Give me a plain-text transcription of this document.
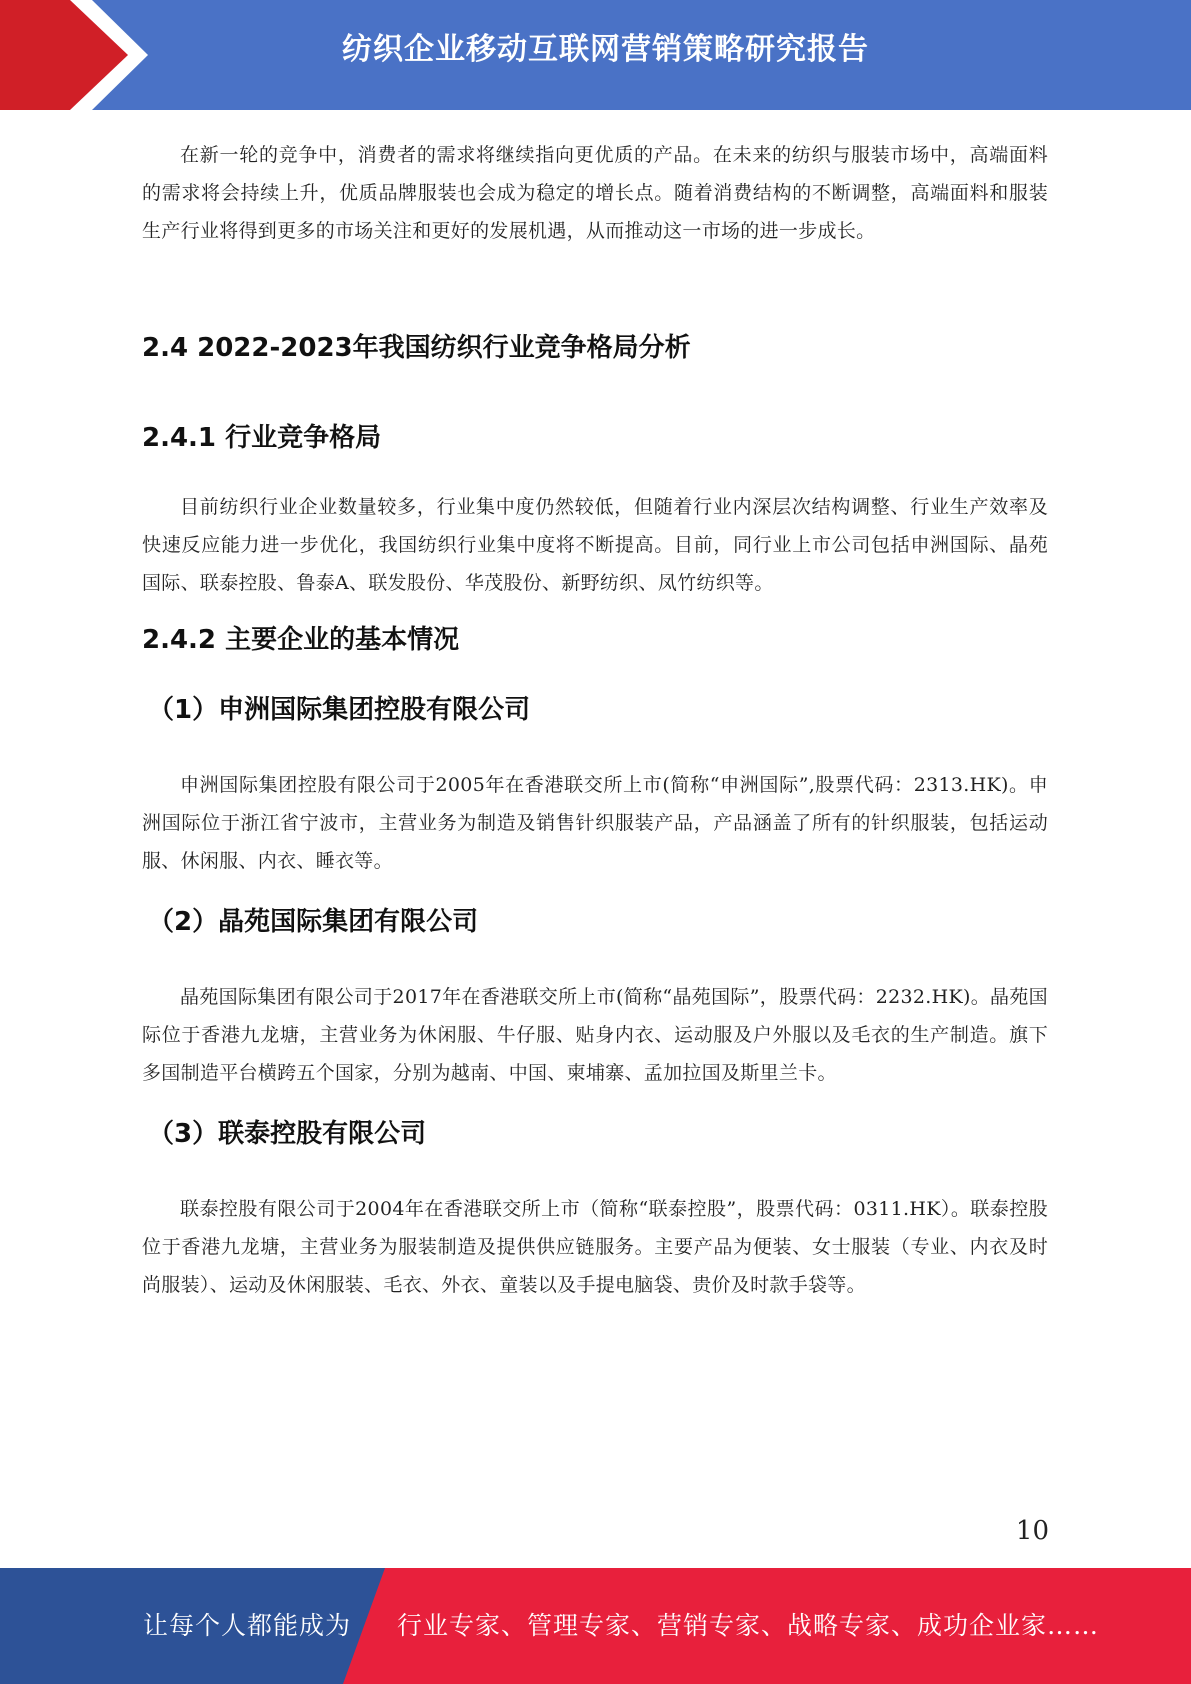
纺织企业移动互联网营销策略研究报告

在新一轮的竞争中，消费者的需求将继续指向更优质的产品。在未来的纺织与服装市场中，高端面料的需求将会持续上升，优质品牌服装也会成为稳定的增长点。随着消费结构的不断调整，高端面料和服装生产行业将得到更多的市场关注和更好的发展机遇，从而推动这一市场的进一步成长。

2.4 2022-2023年我国纺织行业竞争格局分析
2.4.1 行业竞争格局

目前纺织行业企业数量较多，行业集中度仍然较低，但随着行业内深层次结构调整、行业生产效率及快速反应能力进一步优化，我国纺织行业集中度将不断提高。目前，同行业上市公司包括申洲国际、晶苑国际、联泰控股、鲁泰A、联发股份、华茂股份、新野纺织、凤竹纺织等。

2.4.2 主要企业的基本情况
（1）申洲国际集团控股有限公司

申洲国际集团控股有限公司于2005年在香港联交所上市(简称“申洲国际”,股票代码：2313.HK)。申洲国际位于浙江省宁波市，主营业务为制造及销售针织服装产品，产品涵盖了所有的针织服装，包括运动服、休闲服、内衣、睡衣等。

（2）晶苑国际集团有限公司

晶苑国际集团有限公司于2017年在香港联交所上市(简称“晶苑国际”，股票代码：2232.HK)。晶苑国际位于香港九龙塘，主营业务为休闲服、牛仔服、贴身内衣、运动服及户外服以及毛衣的生产制造。旗下多国制造平台横跨五个国家，分别为越南、中国、柬埔寨、孟加拉国及斯里兰卡。

（3）联泰控股有限公司

联泰控股有限公司于2004年在香港联交所上市（简称“联泰控股”，股票代码：0311.HK）。联泰控股位于香港九龙塘，主营业务为服装制造及提供供应链服务。主要产品为便装、女士服装（专业、内衣及时尚服装）、运动及休闲服装、毛衣、外衣、童装以及手提电脑袋、贵价及时款手袋等。

10
让每个人都能成为 行业专家、管理专家、营销专家、战略专家、成功企业家……
